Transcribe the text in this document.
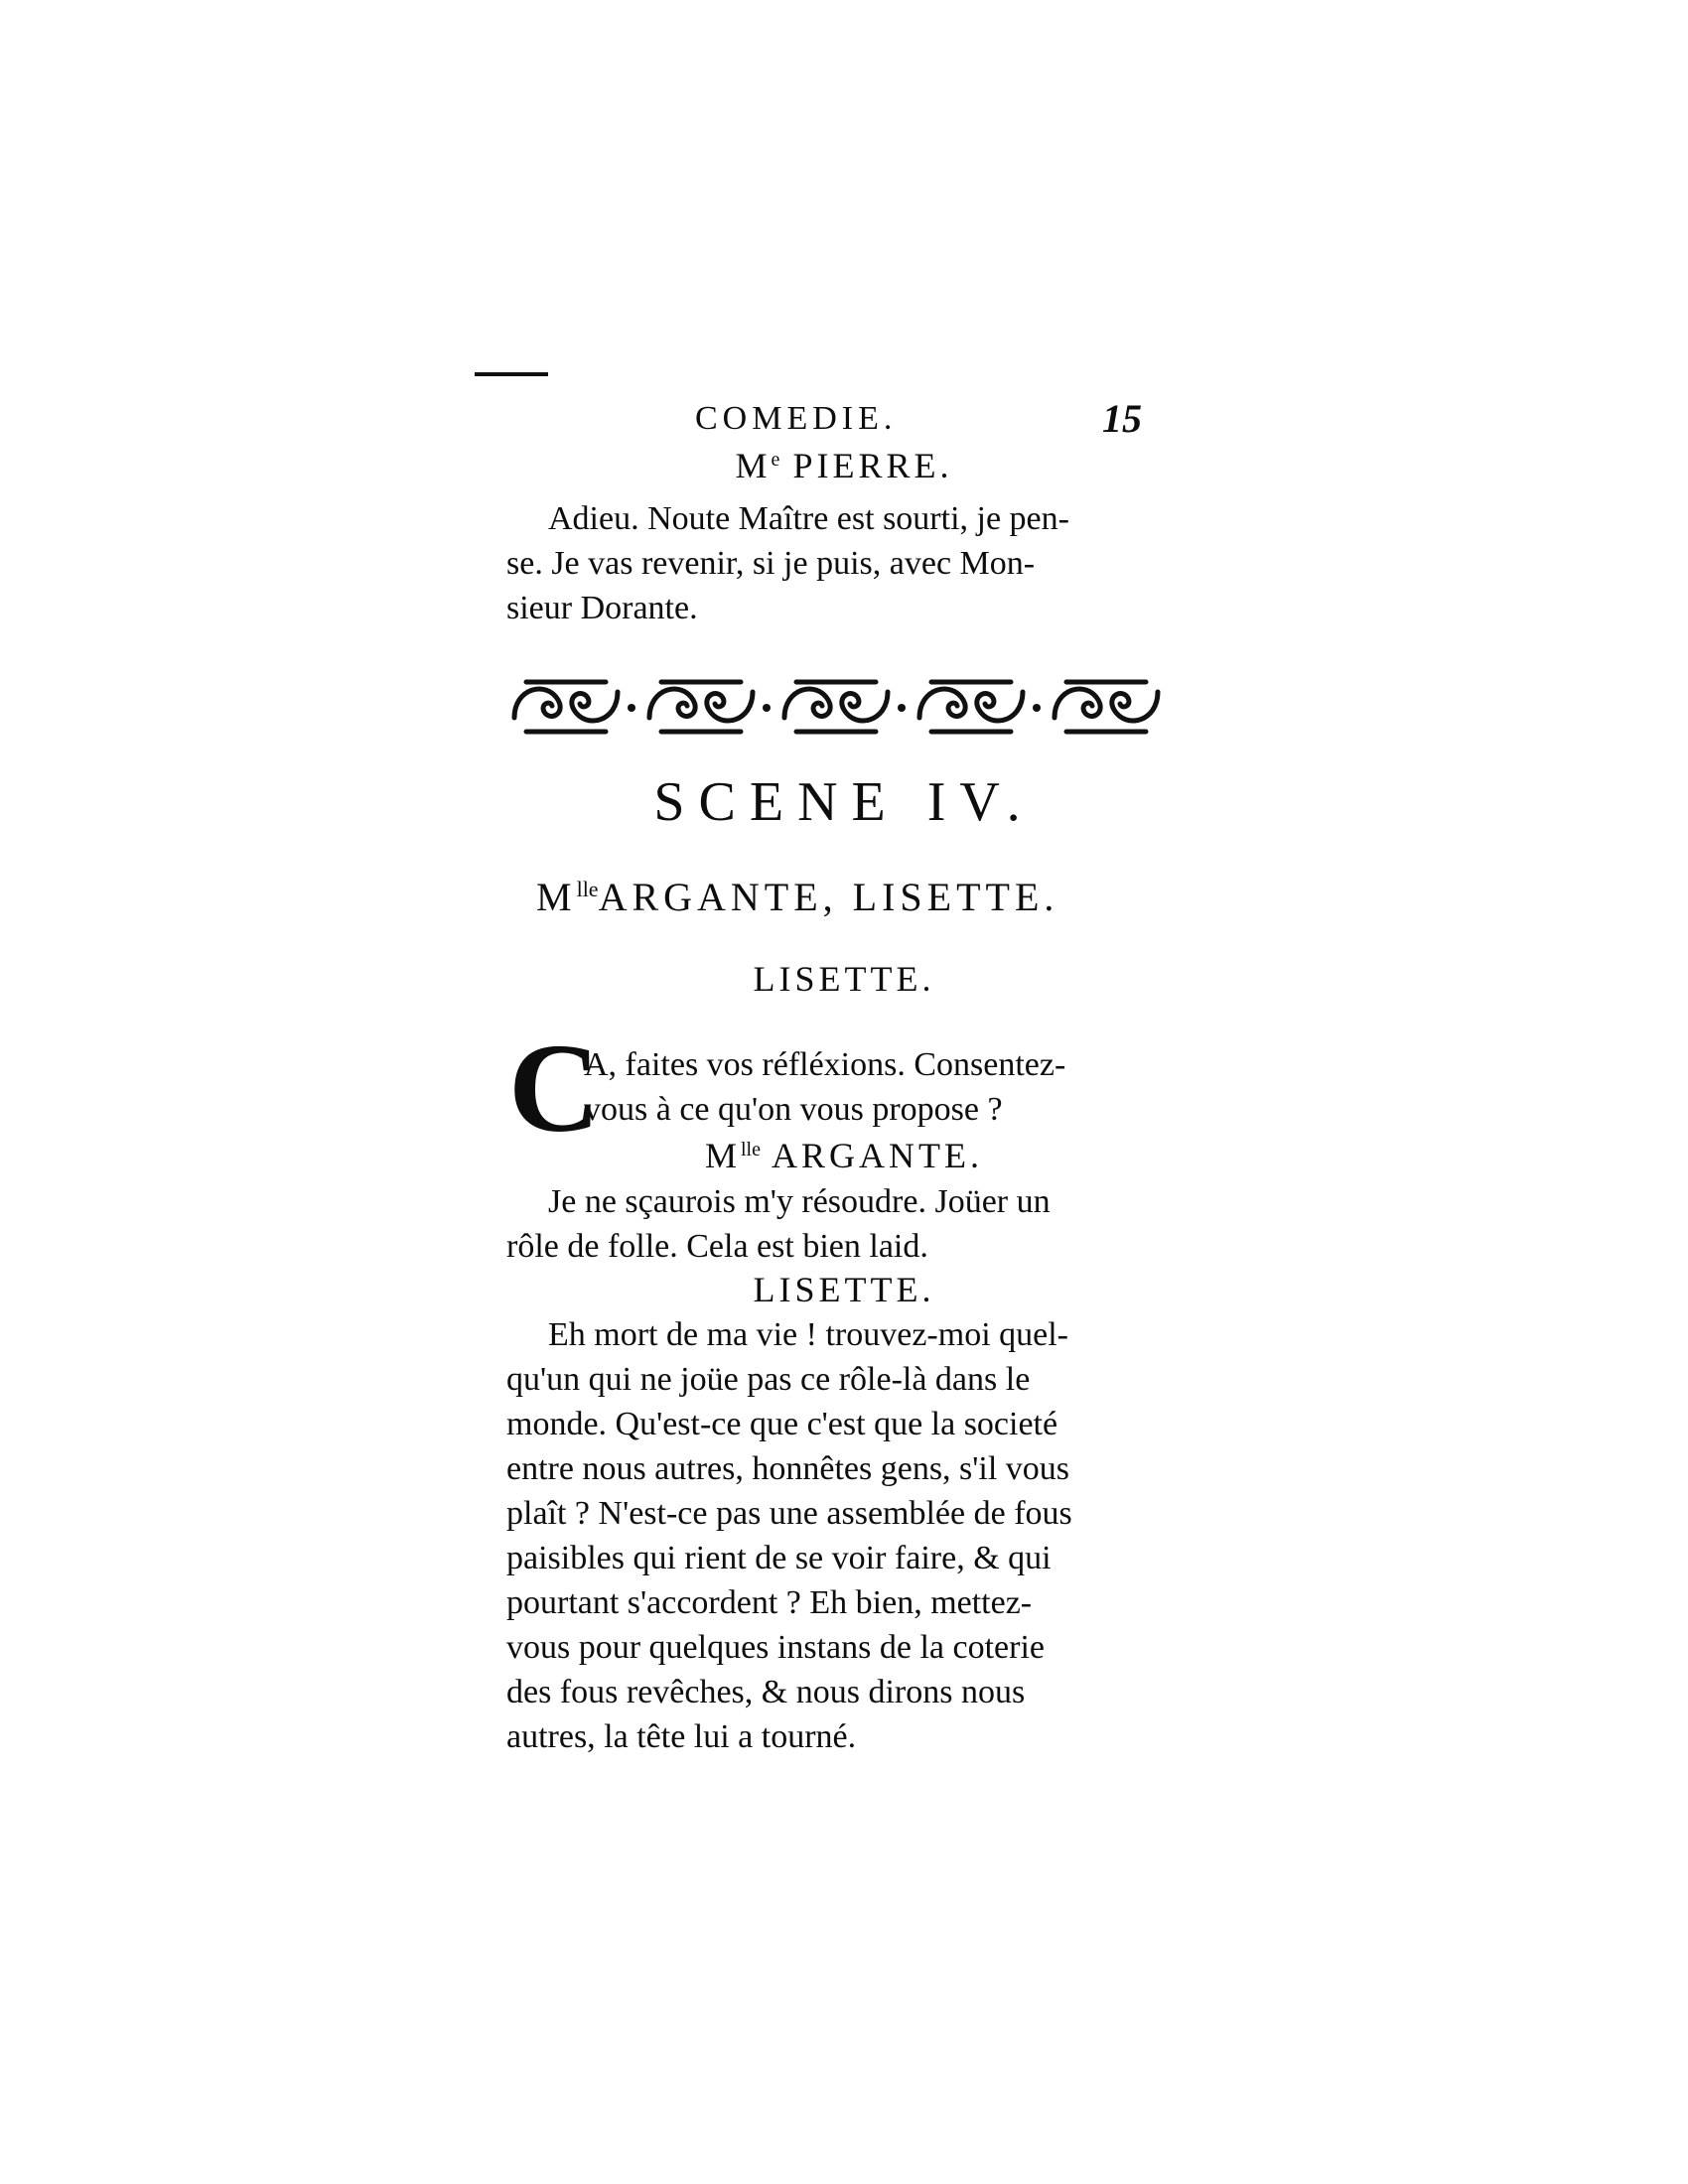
COMEDIE.	15
Me PIERRE.
Adieu. Noute Maître est sourti, je pen-
se. Je vas revenir, si je puis, avec Mon-
sieur Dorante.
SCENE IV.
$M^{lle}ARGANTE$, LISETTE.
LISETTE.
C
A, faites vos réfléxions. Consentez-
vous à ce qu'on vous propose ?
$M^{lle}$ ARGANTE.
Je ne sçaurois m'y résoudre. Joüer un
rôle de folle. Cela est bien laid.
LISETTE.
Eh mort de ma vie ! trouvez-moi quel-
qu'un qui ne joüe pas ce rôle-là dans le
monde. Qu'est-ce que c'est que la societé
entre nous autres, honnêtes gens, s'il vous
plaît ? N'est-ce pas une assemblée de fous
paisibles qui rient de se voir faire, & qui
pourtant s'accordent ? Eh bien, mettez-
vous pour quelques instans de la coterie
des fous revêches, & nous dirons nous
autres, la tête lui a tourné.
